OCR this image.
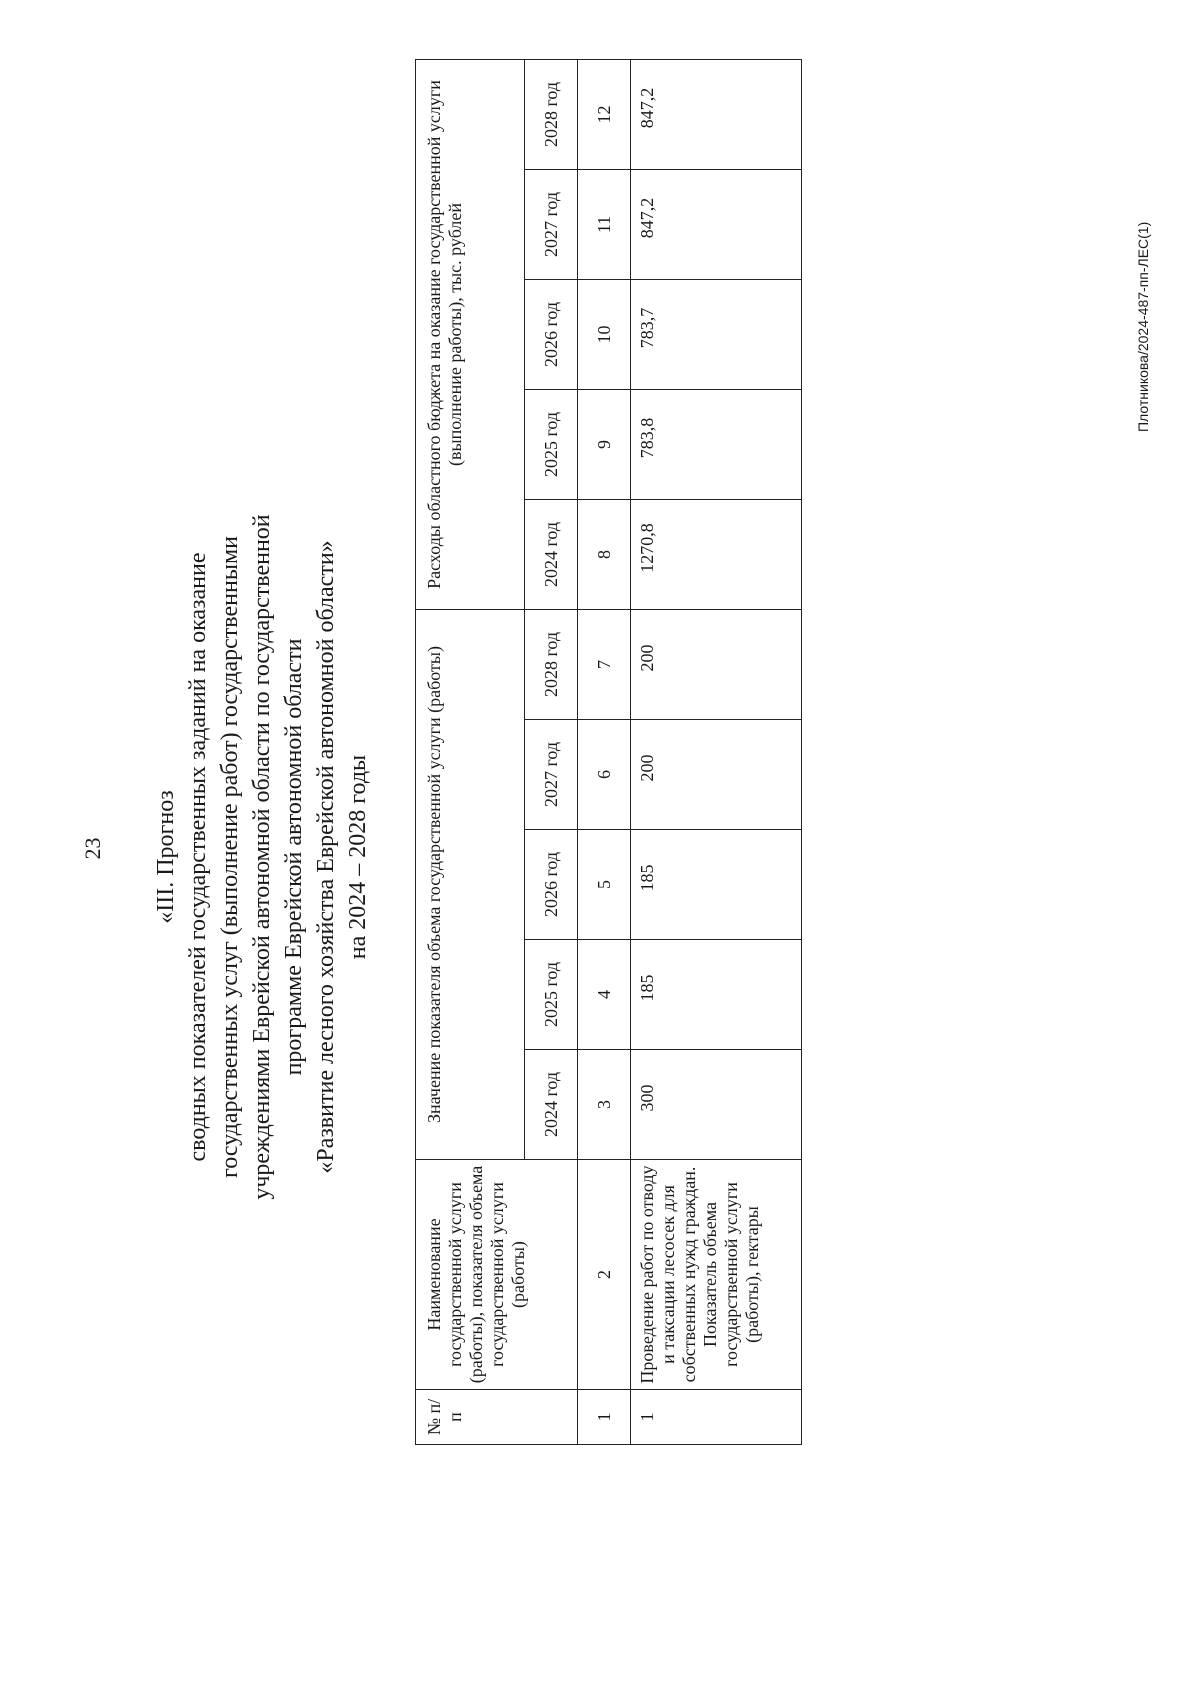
23 «III. Прогноз сводных показателей государственных заданий на оказание государственных услуг (выполнение работ) государственными учреждениями Еврейской автономной области по государственной программе Еврейской автономной области «Развитие лесного хозяйства Еврейской автономной области» на 2024 – 2028 годы
№ п/п	Наименование государственной услуги (работы), показателя объема государственной услуги (работы)	Значение показателя объема государственной услуги (работы)					Расходы областного бюджета на оказание государственной услуги (выполнение работы), тыс. рублей				
		2024 год	2025 год	2026 год	2027 год	2028 год	2024 год	2025 год	2026 год	2027 год	2028 год
1	2	3	4	5	6	7	8	9	10	11	12
1	Проведение работ по отводу и таксации лесосек для собственных нужд граждан. Показатель объема государственной услуги (работы), гектары	300	185	185	200	200	1270,8	783,8	783,7	847,2	847,2
Плотникова/2024-487-пп-ЛЕС(1)
